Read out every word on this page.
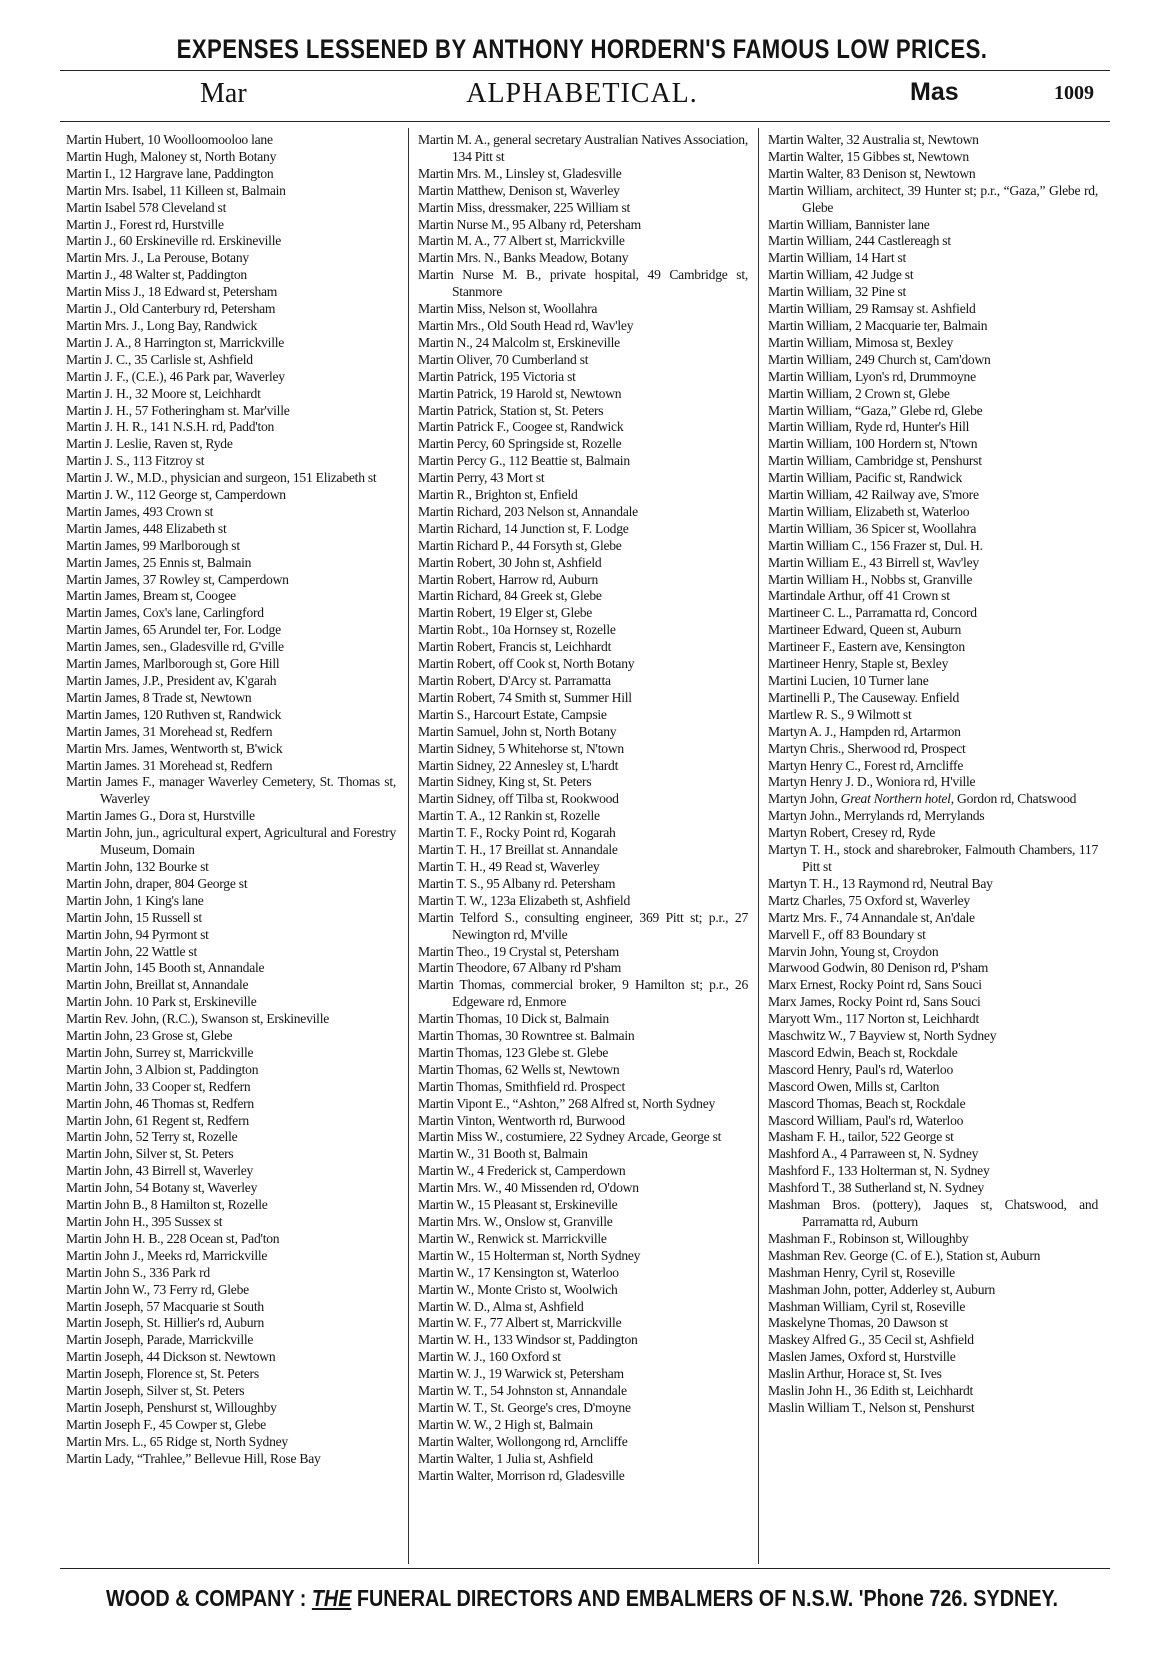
EXPENSES LESSENED BY ANTHONY HORDERN'S FAMOUS LOW PRICES.
Mar	ALPHABETICAL.	Mas	1009
Martin Hubert, 10 Woolloomooloo lane
Martin Hugh, Maloney st, North Botany
Martin I., 12 Hargrave lane, Paddington
Martin Mrs. Isabel, 11 Killeen st, Balmain
Martin Isabel 578 Cleveland st
Martin J., Forest rd, Hurstville
Martin J., 60 Erskineville rd. Erskineville
Martin Mrs. J., La Perouse, Botany
Martin J., 48 Walter st, Paddington
Martin Miss J., 18 Edward st, Petersham
Martin J., Old Canterbury rd, Petersham
Martin Mrs. J., Long Bay, Randwick
Martin J. A., 8 Harrington st, Marrickville
Martin J. C., 35 Carlisle st, Ashfield
Martin J. F., (C.E.), 46 Park par, Waverley
Martin J. H., 32 Moore st, Leichhardt
Martin J. H., 57 Fotheringham st. Mar'ville
Martin J. H. R., 141 N.S.H. rd, Padd'ton
Martin J. Leslie, Raven st, Ryde
Martin J. S., 113 Fitzroy st
Martin J. W., M.D., physician and surgeon, 151 Elizabeth st
Martin J. W., 112 George st, Camperdown
Martin James, 493 Crown st
Martin James, 448 Elizabeth st
Martin James, 99 Marlborough st
Martin James, 25 Ennis st, Balmain
Martin James, 37 Rowley st, Camperdown
Martin James, Bream st, Coogee
Martin James, Cox's lane, Carlingford
Martin James, 65 Arundel ter, For. Lodge
Martin James, sen., Gladesville rd, G'ville
Martin James, Marlborough st, Gore Hill
Martin James, J.P., President av, K'garah
Martin James, 8 Trade st, Newtown
Martin James, 120 Ruthven st, Randwick
Martin James, 31 Morehead st, Redfern
Martin Mrs. James, Wentworth st, B'wick
Martin James. 31 Morehead st, Redfern
Martin James F., manager Waverley Cemetery, St. Thomas st, Waverley
Martin James G., Dora st, Hurstville
Martin John, jun., agricultural expert, Agricultural and Forestry Museum, Domain
Martin John, 132 Bourke st
Martin John, draper, 804 George st
Martin John, 1 King's lane
Martin John, 15 Russell st
Martin John, 94 Pyrmont st
Martin John, 22 Wattle st
Martin John, 145 Booth st, Annandale
Martin John, Breillat st, Annandale
Martin John. 10 Park st, Erskineville
Martin Rev. John, (R.C.), Swanson st, Erskineville
Martin John, 23 Grose st, Glebe
Martin John, Surrey st, Marrickville
Martin John, 3 Albion st, Paddington
Martin John, 33 Cooper st, Redfern
Martin John, 46 Thomas st, Redfern
Martin John, 61 Regent st, Redfern
Martin John, 52 Terry st, Rozelle
Martin John, Silver st, St. Peters
Martin John, 43 Birrell st, Waverley
Martin John, 54 Botany st, Waverley
Martin John B., 8 Hamilton st, Rozelle
Martin John H., 395 Sussex st
Martin John H. B., 228 Ocean st, Pad'ton
Martin John J., Meeks rd, Marrickville
Martin John S., 336 Park rd
Martin John W., 73 Ferry rd, Glebe
Martin Joseph, 57 Macquarie st South
Martin Joseph, St. Hillier's rd, Auburn
Martin Joseph, Parade, Marrickville
Martin Joseph, 44 Dickson st. Newtown
Martin Joseph, Florence st, St. Peters
Martin Joseph, Silver st, St. Peters
Martin Joseph, Penshurst st, Willoughby
Martin Joseph F., 45 Cowper st, Glebe
Martin Mrs. L., 65 Ridge st, North Sydney
Martin Lady, “Trahlee,” Bellevue Hill, Rose Bay
Martin M. A., general secretary Australian Natives Association, 134 Pitt st
Martin Mrs. M., Linsley st, Gladesville
Martin Matthew, Denison st, Waverley
Martin Miss, dressmaker, 225 William st
Martin Nurse M., 95 Albany rd, Petersham
Martin M. A., 77 Albert st, Marrickville
Martin Mrs. N., Banks Meadow, Botany
Martin Nurse M. B., private hospital, 49 Cambridge st, Stanmore
Martin Miss, Nelson st, Woollahra
Martin Mrs., Old South Head rd, Wav'ley
Martin N., 24 Malcolm st, Erskineville
Martin Oliver, 70 Cumberland st
Martin Patrick, 195 Victoria st
Martin Patrick, 19 Harold st, Newtown
Martin Patrick, Station st, St. Peters
Martin Patrick F., Coogee st, Randwick
Martin Percy, 60 Springside st, Rozelle
Martin Percy G., 112 Beattie st, Balmain
Martin Perry, 43 Mort st
Martin R., Brighton st, Enfield
Martin Richard, 203 Nelson st, Annandale
Martin Richard, 14 Junction st, F. Lodge
Martin Richard P., 44 Forsyth st, Glebe
Martin Robert, 30 John st, Ashfield
Martin Robert, Harrow rd, Auburn
Martin Richard, 84 Greek st, Glebe
Martin Robert, 19 Elger st, Glebe
Martin Robt., 10a Hornsey st, Rozelle
Martin Robert, Francis st, Leichhardt
Martin Robert, off Cook st, North Botany
Martin Robert, D'Arcy st. Parramatta
Martin Robert, 74 Smith st, Summer Hill
Martin S., Harcourt Estate, Campsie
Martin Samuel, John st, North Botany
Martin Sidney, 5 Whitehorse st, N'town
Martin Sidney, 22 Annesley st, L'hardt
Martin Sidney, King st, St. Peters
Martin Sidney, off Tilba st, Rookwood
Martin T. A., 12 Rankin st, Rozelle
Martin T. F., Rocky Point rd, Kogarah
Martin T. H., 17 Breillat st. Annandale
Martin T. H., 49 Read st, Waverley
Martin T. S., 95 Albany rd. Petersham
Martin T. W., 123a Elizabeth st, Ashfield
Martin Telford S., consulting engineer, 369 Pitt st; p.r., 27 Newington rd, M'ville
Martin Theo., 19 Crystal st, Petersham
Martin Theodore, 67 Albany rd P'sham
Martin Thomas, commercial broker, 9 Hamilton st; p.r., 26 Edgeware rd, Enmore
Martin Thomas, 10 Dick st, Balmain
Martin Thomas, 30 Rowntree st. Balmain
Martin Thomas, 123 Glebe st. Glebe
Martin Thomas, 62 Wells st, Newtown
Martin Thomas, Smithfield rd. Prospect
Martin Vipont E., “Ashton,” 268 Alfred st, North Sydney
Martin Vinton, Wentworth rd, Burwood
Martin Miss W., costumiere, 22 Sydney Arcade, George st
Martin W., 31 Booth st, Balmain
Martin W., 4 Frederick st, Camperdown
Martin Mrs. W., 40 Missenden rd, O'down
Martin W., 15 Pleasant st, Erskineville
Martin Mrs. W., Onslow st, Granville
Martin W., Renwick st. Marrickville
Martin W., 15 Holterman st, North Sydney
Martin W., 17 Kensington st, Waterloo
Martin W., Monte Cristo st, Woolwich
Martin W. D., Alma st, Ashfield
Martin W. F., 77 Albert st, Marrickville
Martin W. H., 133 Windsor st, Paddington
Martin W. J., 160 Oxford st
Martin W. J., 19 Warwick st, Petersham
Martin W. T., 54 Johnston st, Annandale
Martin W. T., St. George's cres, D'moyne
Martin W. W., 2 High st, Balmain
Martin Walter, Wollongong rd, Arncliffe
Martin Walter, 1 Julia st, Ashfield
Martin Walter, Morrison rd, Gladesville
Martin Walter, 32 Australia st, Newtown
Martin Walter, 15 Gibbes st, Newtown
Martin Walter, 83 Denison st, Newtown
Martin William, architect, 39 Hunter st; p.r., “Gaza,” Glebe rd, Glebe
Martin William, Bannister lane
Martin William, 244 Castlereagh st
Martin William, 14 Hart st
Martin William, 42 Judge st
Martin William, 32 Pine st
Martin William, 29 Ramsay st. Ashfield
Martin William, 2 Macquarie ter, Balmain
Martin William, Mimosa st, Bexley
Martin William, 249 Church st, Cam'down
Martin William, Lyon's rd, Drummoyne
Martin William, 2 Crown st, Glebe
Martin William, “Gaza,” Glebe rd, Glebe
Martin William, Ryde rd, Hunter's Hill
Martin William, 100 Hordern st, N'town
Martin William, Cambridge st, Penshurst
Martin William, Pacific st, Randwick
Martin William, 42 Railway ave, S'more
Martin William, Elizabeth st, Waterloo
Martin William, 36 Spicer st, Woollahra
Martin William C., 156 Frazer st, Dul. H.
Martin William E., 43 Birrell st, Wav'ley
Martin William H., Nobbs st, Granville
Martindale Arthur, off 41 Crown st
Martineer C. L., Parramatta rd, Concord
Martineer Edward, Queen st, Auburn
Martineer F., Eastern ave, Kensington
Martineer Henry, Staple st, Bexley
Martini Lucien, 10 Turner lane
Martinelli P., The Causeway. Enfield
Martlew R. S., 9 Wilmott st
Martyn A. J., Hampden rd, Artarmon
Martyn Chris., Sherwood rd, Prospect
Martyn Henry C., Forest rd, Arncliffe
Martyn Henry J. D., Woniora rd, H'ville
Martyn John, Great Northern hotel, Gordon rd, Chatswood
Martyn John., Merrylands rd, Merrylands
Martyn Robert, Cresey rd, Ryde
Martyn T. H., stock and sharebroker, Falmouth Chambers, 117 Pitt st
Martyn T. H., 13 Raymond rd, Neutral Bay
Martz Charles, 75 Oxford st, Waverley
Martz Mrs. F., 74 Annandale st, An'dale
Marvell F., off 83 Boundary st
Marvin John, Young st, Croydon
Marwood Godwin, 80 Denison rd, P'sham
Marx Ernest, Rocky Point rd, Sans Souci
Marx James, Rocky Point rd, Sans Souci
Maryott Wm., 117 Norton st, Leichhardt
Maschwitz W., 7 Bayview st, North Sydney
Mascord Edwin, Beach st, Rockdale
Mascord Henry, Paul's rd, Waterloo
Mascord Owen, Mills st, Carlton
Mascord Thomas, Beach st, Rockdale
Mascord William, Paul's rd, Waterloo
Masham F. H., tailor, 522 George st
Mashford A., 4 Parraween st, N. Sydney
Mashford F., 133 Holterman st, N. Sydney
Mashford T., 38 Sutherland st, N. Sydney
Mashman Bros. (pottery), Jaques st, Chatswood, and Parramatta rd, Auburn
Mashman F., Robinson st, Willoughby
Mashman Rev. George (C. of E.), Station st, Auburn
Mashman Henry, Cyril st, Roseville
Mashman John, potter, Adderley st, Auburn
Mashman William, Cyril st, Roseville
Maskelyne Thomas, 20 Dawson st
Maskey Alfred G., 35 Cecil st, Ashfield
Maslen James, Oxford st, Hurstville
Maslin Arthur, Horace st, St. Ives
Maslin John H., 36 Edith st, Leichhardt
Maslin William T., Nelson st, Penshurst
WOOD & COMPANY : THE FUNERAL DIRECTORS AND EMBALMERS OF N.S.W. 'Phone 726. SYDNEY.
